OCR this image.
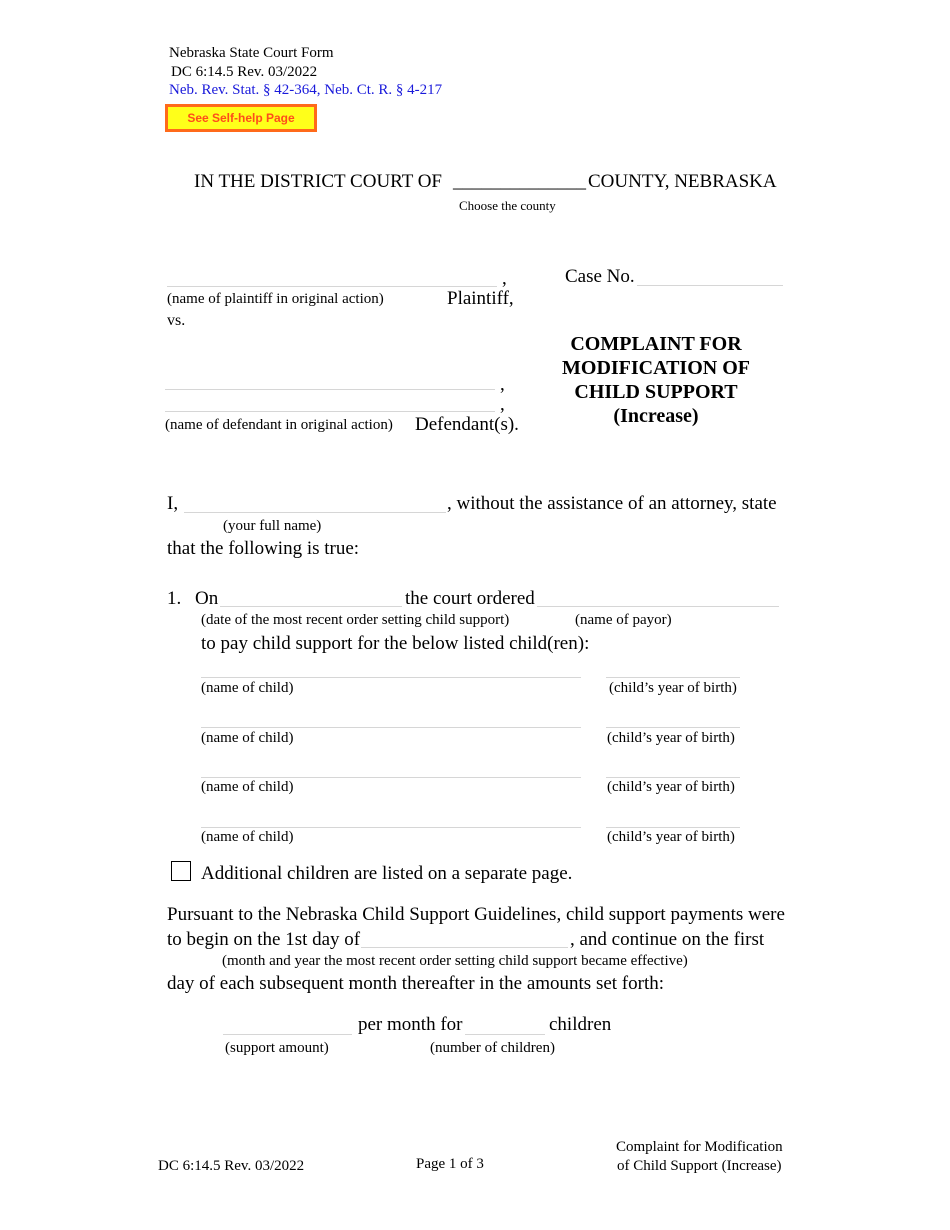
Nebraska State Court Form
DC 6:14.5 Rev. 03/2022
Neb. Rev. Stat. § 42-364, Neb. Ct. R. § 4-217
See Self-help Page
IN THE DISTRICT COURT OF ______________ COUNTY, NEBRASKA
Choose the county
,
(name of plaintiff in original action)	Plaintiff,
vs.
Case No.
,
,
(name of defendant in original action) Defendant(s).
COMPLAINT FOR
MODIFICATION OF
CHILD SUPPORT
(Increase)
I,	, without the assistance of an attorney, state
(your full name)
that the following is true:
1. On	the court ordered
(date of the most recent order setting child support)	(name of payor)
to pay child support for the below listed child(ren):
(name of child)	(child’s year of birth)
(name of child)	(child’s year of birth)
(name of child)	(child’s year of birth)
(name of child)	(child’s year of birth)
Additional children are listed on a separate page.
Pursuant to the Nebraska Child Support Guidelines, child support payments were
to begin on the 1st day of	, and continue on the first
(month and year the most recent order setting child support became effective)
day of each subsequent month thereafter in the amounts set forth:
per month for	children
(support amount)	(number of children)
DC 6:14.5 Rev. 03/2022	Page 1 of 3
Complaint for Modification
of Child Support (Increase)
